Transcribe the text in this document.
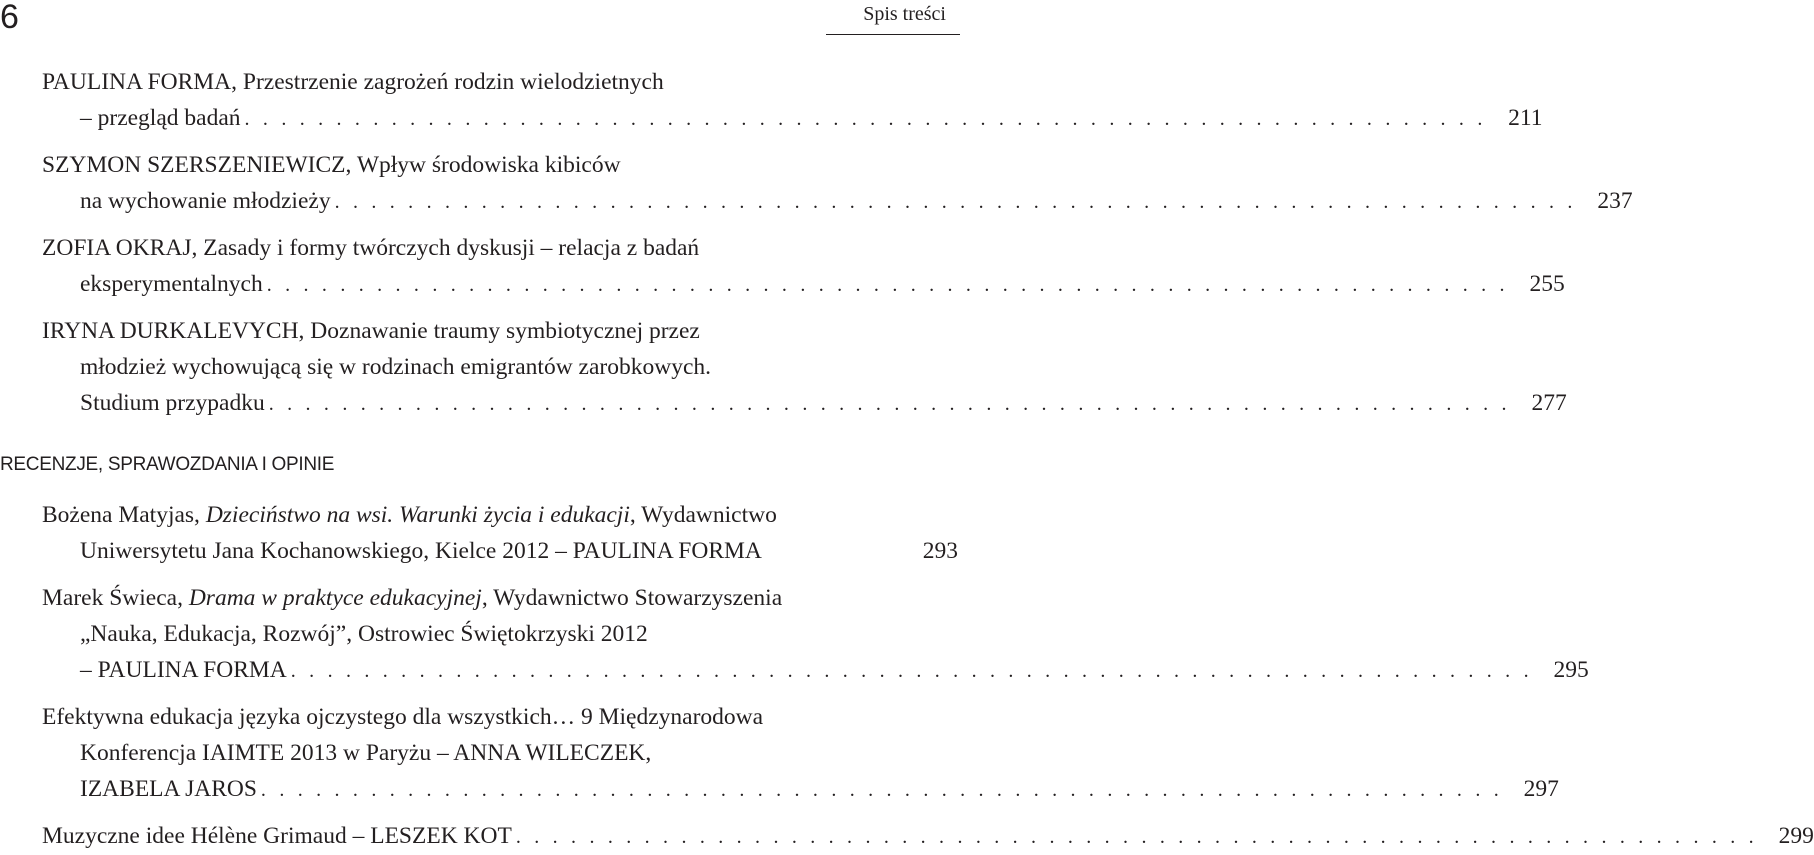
6	Spis treści
PAULINA FORMA, Przestrzenie zagrożeń rodzin wielodzietnych
– przegląd badań . . . . . . . . . . . . . . . . . . . . . . . . . . . . . . . . . . . . . . . . . . . . . . . . . . . . . . . . . . . . . . . . . . . . 211
SZYMON SZERSZENIEWICZ, Wpływ środowiska kibiców
na wychowanie młodzieży . . . . . . . . . . . . . . . . . . . . . . . . . . . . . . . . . . . . . . . . . . . . . . . . . . . . . . . . . . . . . . . . . . . . 237
ZOFIA OKRAJ, Zasady i formy twórczych dyskusji – relacja z badań
eksperymentalnych . . . . . . . . . . . . . . . . . . . . . . . . . . . . . . . . . . . . . . . . . . . . . . . . . . . . . . . . . . . . . . . . . . . . 255
IRYNA DURKALEVYCH, Doznawanie traumy symbiotycznej przez
młodzież wychowującą się w rodzinach emigrantów zarobkowych.
Studium przypadku . . . . . . . . . . . . . . . . . . . . . . . . . . . . . . . . . . . . . . . . . . . . . . . . . . . . . . . . . . . . . . . . . . . . 277
RECENZJE, SPRAWOZDANIA I OPINIE
Bożena Matyjas, Dzieciństwo na wsi. Warunki życia i edukacji, Wydawnictwo
Uniwersytetu Jana Kochanowskiego, Kielce 2012 – PAULINA FORMA	293
Marek Świeca, Drama w praktyce edukacyjnej, Wydawnictwo Stowarzyszenia
„Nauka, Edukacja, Rozwój”, Ostrowiec Świętokrzyski 2012
– PAULINA FORMA . . . . . . . . . . . . . . . . . . . . . . . . . . . . . . . . . . . . . . . . . . . . . . . . . . . . . . . . . . . . . . . . . . . . 295
Efektywna edukacja języka ojczystego dla wszystkich… 9 Międzynarodowa
Konferencja IAIMTE 2013 w Paryżu – ANNA WILECZEK,
IZABELA JAROS . . . . . . . . . . . . . . . . . . . . . . . . . . . . . . . . . . . . . . . . . . . . . . . . . . . . . . . . . . . . . . . . . . . . 297
Muzyczne idee Hélène Grimaud – LESZEK KOT . . . . . . . . . . . . . . . . . . . . . . . . . . . . . . . . . . . . . . . . . . . . . . . . . . . . . . . . . . . . . . . . . . . . 299
